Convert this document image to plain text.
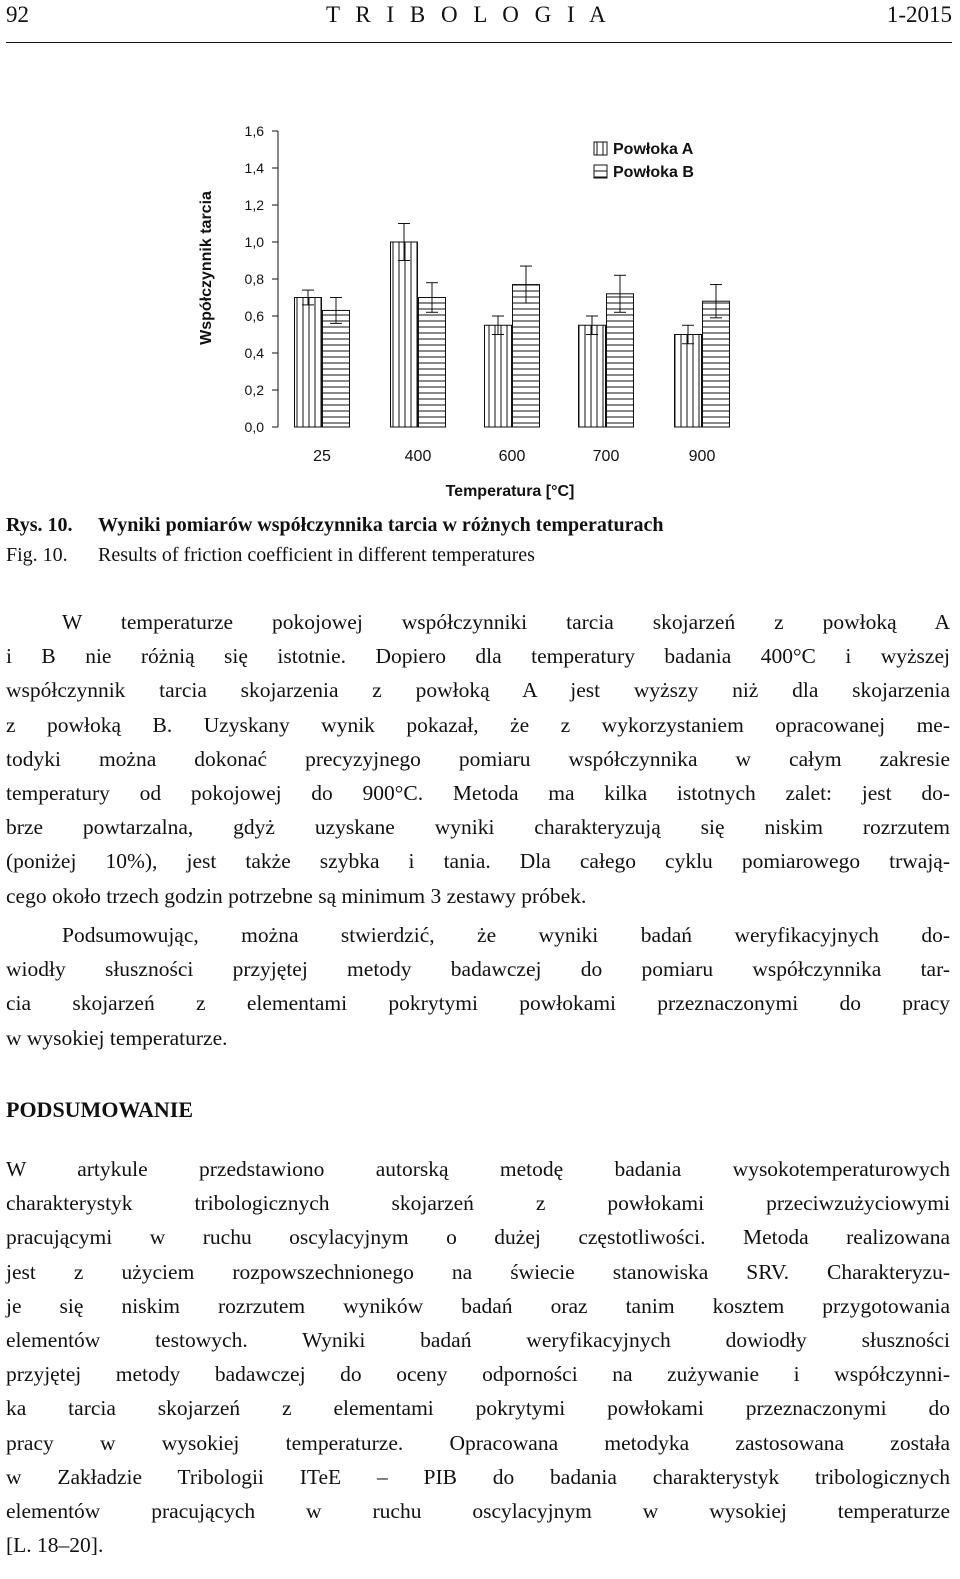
92	T R I B O L O G I A	1-2015
0,0
0,2
0,4
0,6
0,8
1,0
1,2
1,4
1,6
Współczynnik tarcia
25	400	600	700	900
Temperatura [°C]
Powłoka A
Powłoka B
Rys. 10. Wyniki pomiarów współczynnika tarcia w różnych temperaturach
Fig. 10. Results of friction coefficient in different temperatures
W temperaturze pokojowej współczynniki tarcia skojarzeń z powłoką A
i B nie różnią się istotnie. Dopiero dla temperatury badania 400°C i wyższej
współczynnik tarcia skojarzenia z powłoką A jest wyższy niż dla skojarzenia
z powłoką B. Uzyskany wynik pokazał, że z wykorzystaniem opracowanej me-
todyki można dokonać precyzyjnego pomiaru współczynnika w całym zakresie
temperatury od pokojowej do 900°C. Metoda ma kilka istotnych zalet: jest do-
brze powtarzalna, gdyż uzyskane wyniki charakteryzują się niskim rozrzutem
(poniżej 10%), jest także szybka i tania. Dla całego cyklu pomiarowego trwają-
cego około trzech godzin potrzebne są minimum 3 zestawy próbek.
Podsumowując, można stwierdzić, że wyniki badań weryfikacyjnych do-
wiodły słuszności przyjętej metody badawczej do pomiaru współczynnika tar-
cia skojarzeń z elementami pokrytymi powłokami przeznaczonymi do pracy
w wysokiej temperaturze.
PODSUMOWANIE
W artykule przedstawiono autorską metodę badania wysokotemperaturowych
charakterystyk tribologicznych skojarzeń z powłokami przeciwzużyciowymi
pracującymi w ruchu oscylacyjnym o dużej częstotliwości. Metoda realizowana
jest z użyciem rozpowszechnionego na świecie stanowiska SRV. Charakteryzu-
je się niskim rozrzutem wyników badań oraz tanim kosztem przygotowania
elementów testowych. Wyniki badań weryfikacyjnych dowiodły słuszności
przyjętej metody badawczej do oceny odporności na zużywanie i współczynni-
ka tarcia skojarzeń z elementami pokrytymi powłokami przeznaczonymi do
pracy w wysokiej temperaturze. Opracowana metodyka zastosowana została
w Zakładzie Tribologii ITeE – PIB do badania charakterystyk tribologicznych
elementów pracujących w ruchu oscylacyjnym w wysokiej temperaturze
[L. 18–20].
